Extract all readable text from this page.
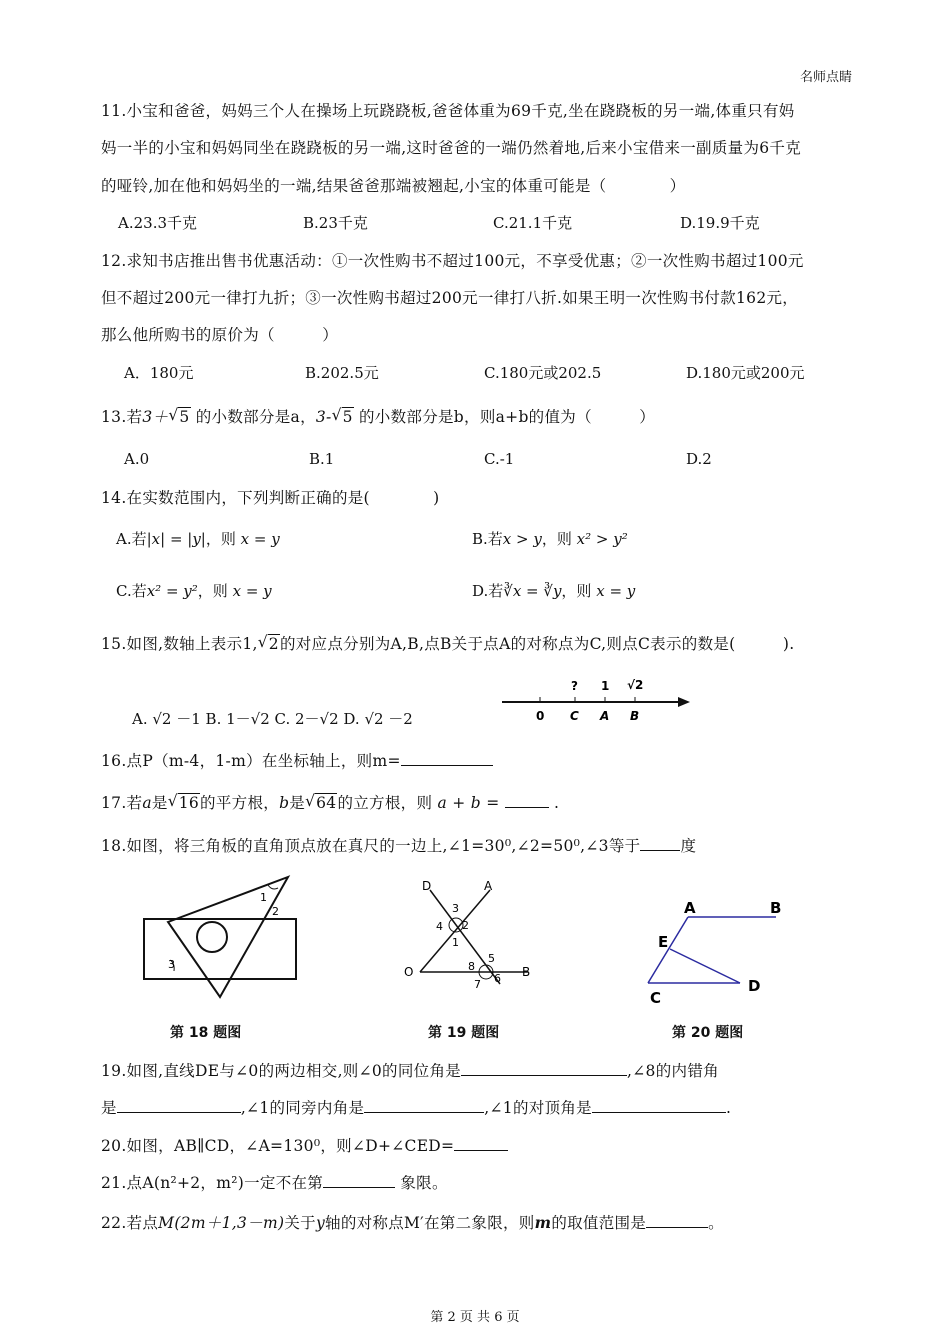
名师点睛
11.小宝和爸爸，妈妈三个人在操场上玩跷跷板,爸爸体重为69千克,坐在跷跷板的另一端,体重只有妈
妈一半的小宝和妈妈同坐在跷跷板的另一端,这时爸爸的一端仍然着地,后来小宝借来一副质量为6千克
的哑铃,加在他和妈妈坐的一端,结果爸爸那端被翘起,小宝的体重可能是（　　　　）
A.23.3千克	B.23千克	C.21.1千克	D.19.9千克
12.求知书店推出售书优惠活动：①一次性购书不超过100元，不享受优惠；②一次性购书超过100元
但不超过200元一律打九折；③一次性购书超过200元一律打八折.如果王明一次性购书付款162元，
那么他所购书的原价为（　　　）
A．180元	B.202.5元	C.180元或202.5	D.180元或200元
13.若3＋ √ 5 的小数部分是a，3- √ 5 的小数部分是b，则a+b的值为（　　　）
A.0	B.1	C.-1	D.2
14.在实数范围内，下列判断正确的是(　　　　)
A.若|x| = |y|，则 x = y	B.若x > y，则 x² > y²
C.若x² = y²，则 x = y	D.若∛x = ∛y，则 x = y
15.如图,数轴上表示1, √ 2的对应点分别为A,B,点B关于点A的对称点为C,则点C表示的数是(　　　).
A. √2 －1 B. 1－√2 C. 2－√2 D. √2 －2
? 1 √2
0 C A B
16.点P（m-4，1-m）在坐标轴上，则m=
17.若a是 √ 16的平方根，b是 √ 64的立方根，则 a + b =	.
18.如图，将三角板的直角顶点放在真尺的一边上,∠1=30⁰,∠2=50⁰,∠3等于	度
1
2
3
第 18 题图
D	A
O	B
3
4 2
1
5
8
7 6
第 19 题图
A	B
E
C
D
第 20 题图
19.如图,直线DE与∠0的两边相交,则∠0的同位角是	,∠8的内错角
是	,∠1的同旁内角是	,∠1的对顶角是	.
20.如图，AB∥CD，∠A=130⁰，则∠D+∠CED=
21.点A(n²+2，m²)一定不在第	象限。
22.若点M(2m＋1,3－m)关于y轴的对称点M′在第二象限，则m的取值范围是	。
第 2 页 共 6 页
